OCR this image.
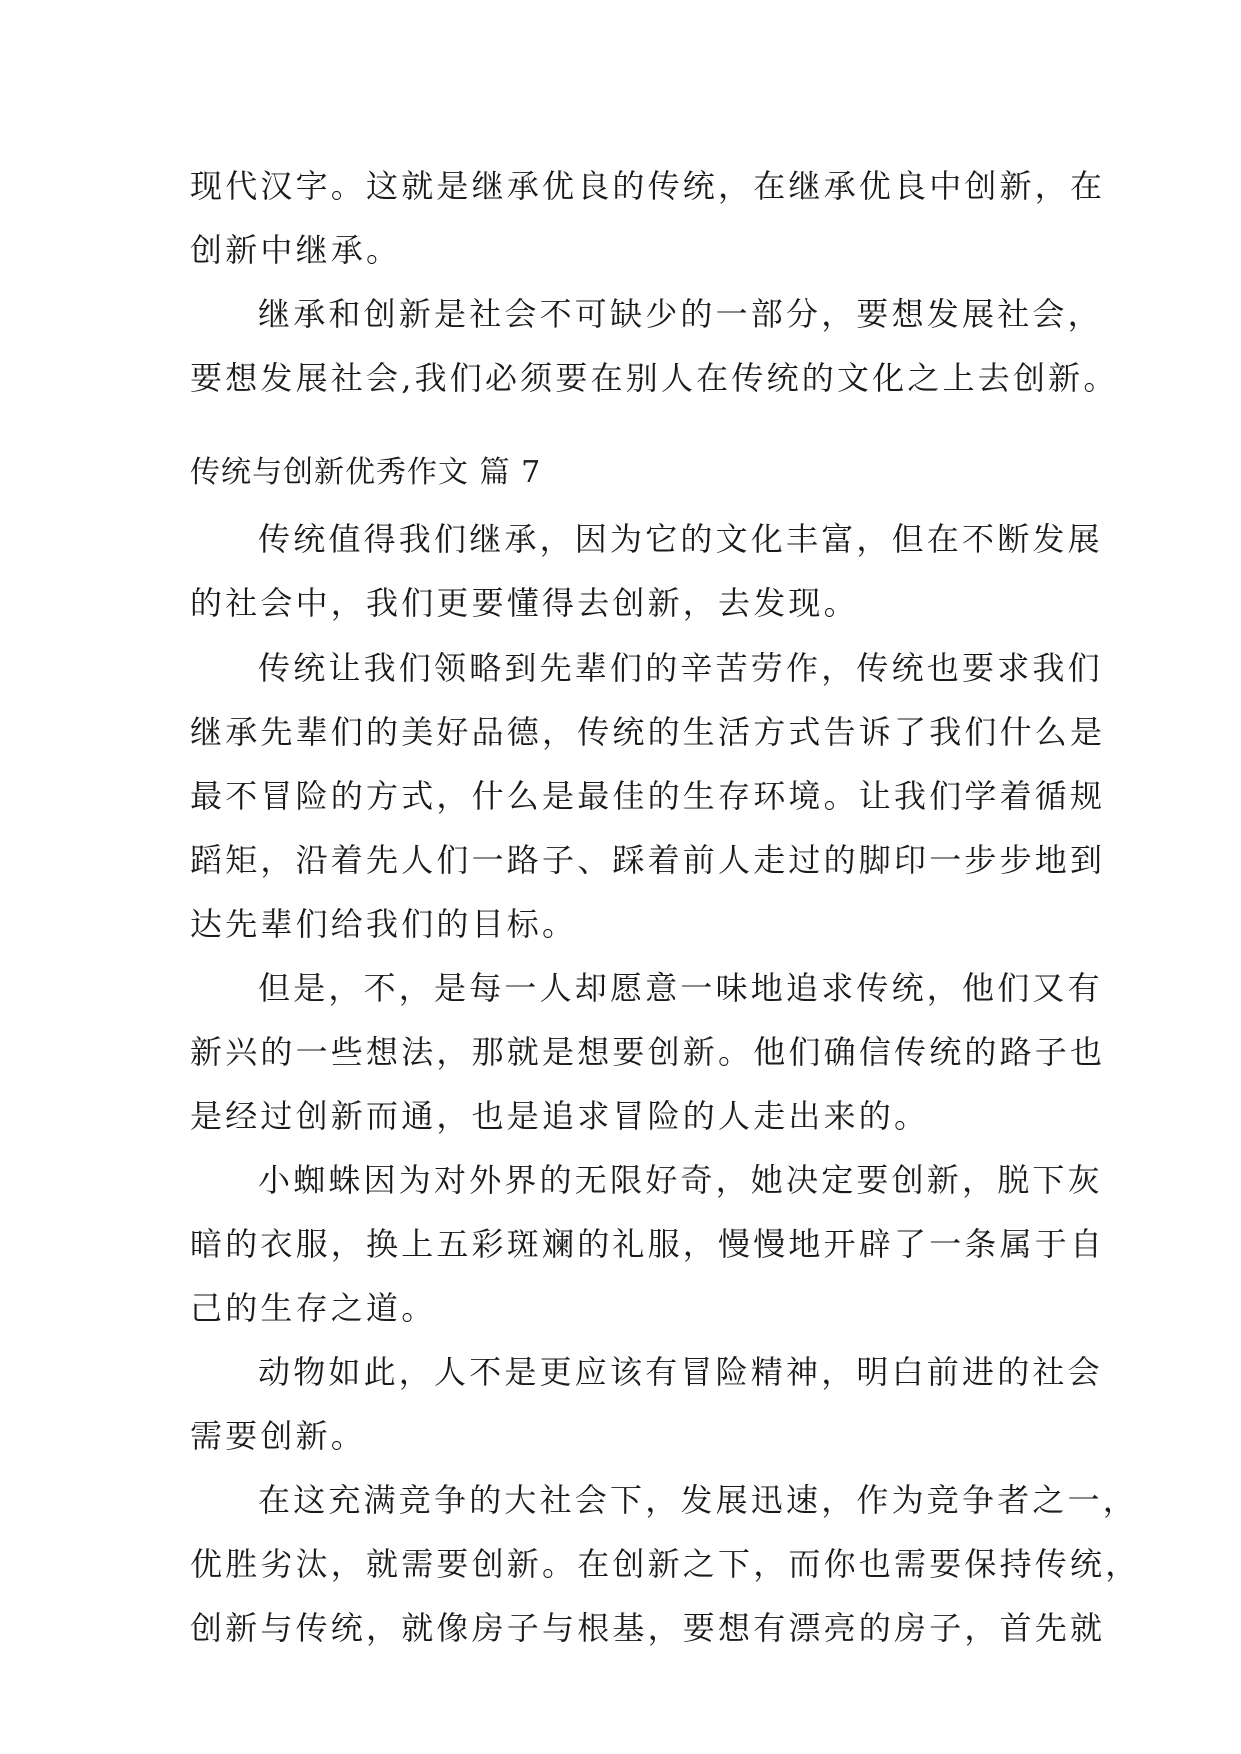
现代汉字。这就是继承优良的传统，在继承优良中创新，在
创新中继承。
继承和创新是社会不可缺少的一部分，要想发展社会，
要想发展社会,我们必须要在别人在传统的文化之上去创新。
传统与创新优秀作文 篇 7
传统值得我们继承，因为它的文化丰富，但在不断发展
的社会中，我们更要懂得去创新，去发现。
传统让我们领略到先辈们的辛苦劳作，传统也要求我们
继承先辈们的美好品德，传统的生活方式告诉了我们什么是
最不冒险的方式，什么是最佳的生存环境。让我们学着循规
蹈矩，沿着先人们一路子、踩着前人走过的脚印一步步地到
达先辈们给我们的目标。
但是，不，是每一人却愿意一味地追求传统，他们又有
新兴的一些想法，那就是想要创新。他们确信传统的路子也
是经过创新而通，也是追求冒险的人走出来的。
小蜘蛛因为对外界的无限好奇，她决定要创新，脱下灰
暗的衣服，换上五彩斑斓的礼服，慢慢地开辟了一条属于自
己的生存之道。
动物如此，人不是更应该有冒险精神，明白前进的社会
需要创新。
在这充满竞争的大社会下，发展迅速，作为竞争者之一，
优胜劣汰，就需要创新。在创新之下，而你也需要保持传统，
创新与传统，就像房子与根基，要想有漂亮的房子，首先就
